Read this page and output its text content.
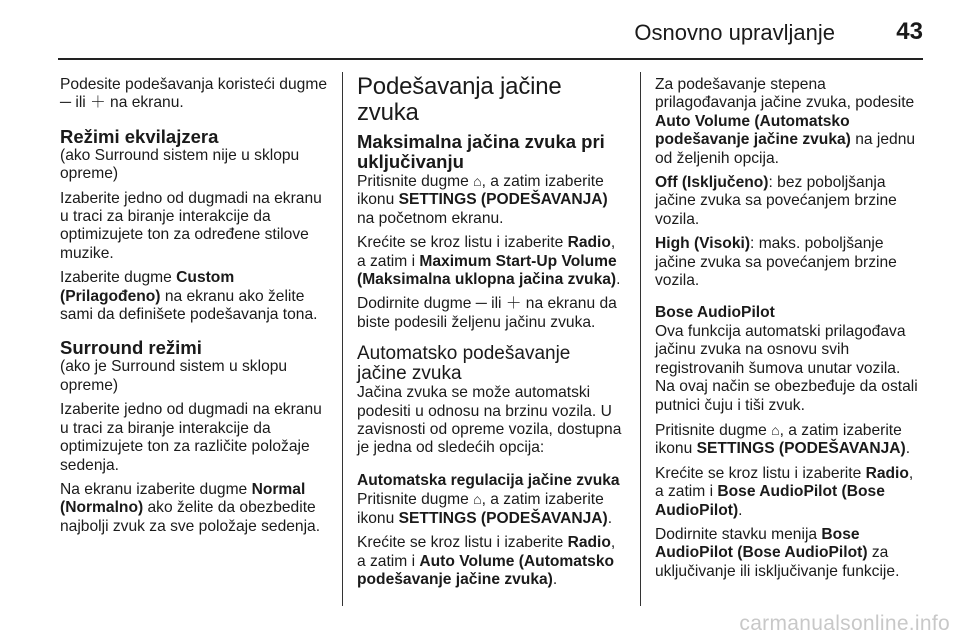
Osnovno upravljanje	43

Podesite podešavanja koristeći dugme ─ ili ＋ na ekranu.

Režimi ekvilajzera

(ako Surround sistem nije u sklopu opreme)

Izaberite jedno od dugmadi na ekranu u traci za biranje interakcije da optimizujete ton za određene stilove muzike.

Izaberite dugme Custom (Prilagođeno) na ekranu ako želite sami da definišete podešavanja tona.

Surround režimi

(ako je Surround sistem u sklopu opreme)

Izaberite jedno od dugmadi na ekranu u traci za biranje interakcije da optimizujete ton za različite položaje sedenja.

Na ekranu izaberite dugme Normal (Normalno) ako želite da obezbedite najbolji zvuk za sve položaje sedenja.

Podešavanja jačine zvuka
Maksimalna jačina zvuka pri uključivanju

Pritisnite dugme ⌂, a zatim izaberite ikonu SETTINGS (PODEŠAVANJA) na početnom ekranu.

Krećite se kroz listu i izaberite Radio, a zatim i Maximum Start-Up Volume (Maksimalna uklopna jačina zvuka).

Dodirnite dugme ─ ili ＋ na ekranu da biste podesili željenu jačinu zvuka.

Automatsko podešavanje jačine zvuka

Jačina zvuka se može automatski podesiti u odnosu na brzinu vozila. U zavisnosti od opreme vozila, dostupna je jedna od sledećih opcija:

Automatska regulacija jačine zvuka

Pritisnite dugme ⌂, a zatim izaberite ikonu SETTINGS (PODEŠAVANJA).

Krećite se kroz listu i izaberite Radio, a zatim i Auto Volume (Automatsko podešavanje jačine zvuka).

Za podešavanje stepena prilagođavanja jačine zvuka, podesite Auto Volume (Automatsko podešavanje jačine zvuka) na jednu od željenih opcija.

Off (Isključeno): bez poboljšanja jačine zvuka sa povećanjem brzine vozila.

High (Visoki): maks. poboljšanje jačine zvuka sa povećanjem brzine vozila.

Bose AudioPilot

Ova funkcija automatski prilagođava jačinu zvuka na osnovu svih registrovanih šumova unutar vozila. Na ovaj način se obezbeđuje da ostali putnici čuju i tiši zvuk.

Pritisnite dugme ⌂, a zatim izaberite ikonu SETTINGS (PODEŠAVANJA).

Krećite se kroz listu i izaberite Radio, a zatim i Bose AudioPilot (Bose AudioPilot).

Dodirnite stavku menija Bose AudioPilot (Bose AudioPilot) za uključivanje ili isključivanje funkcije.

carmanualsonline.info
